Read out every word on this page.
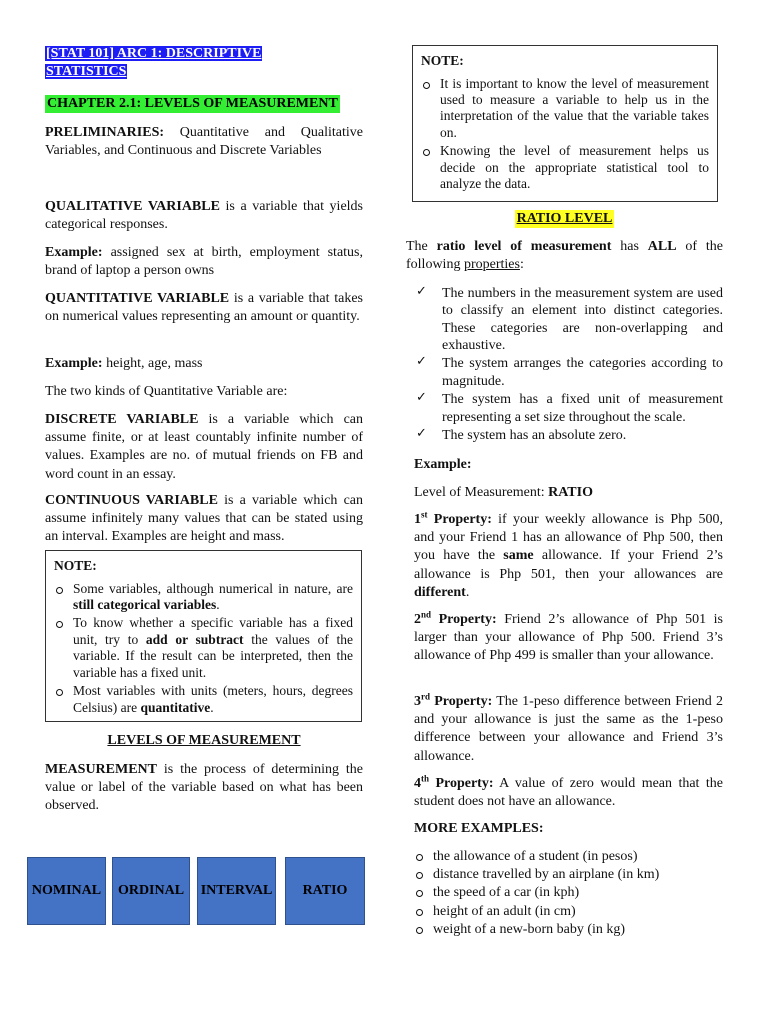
[STAT 101] ARC 1: DESCRIPTIVE
STATISTICS
CHAPTER 2.1: LEVELS OF MEASUREMENT

PRELIMINARIES: Quantitative and Qualitative Variables, and Continuous and Discrete Variables

QUALITATIVE VARIABLE is a variable that yields categorical responses.

Example: assigned sex at birth, employment status, brand of laptop a person owns

QUANTITATIVE VARIABLE is a variable that takes on numerical values representing an amount or quantity.

Example: height, age, mass

The two kinds of Quantitative Variable are:

DISCRETE VARIABLE is a variable which can assume finite, or at least countably infinite number of values. Examples are no. of mutual friends on FB and word count in an essay.

CONTINUOUS VARIABLE is a variable which can assume infinitely many values that can be stated using an interval. Examples are height and mass.

NOTE:
Some variables, although numerical in nature, are still categorical variables.
To know whether a specific variable has a fixed unit, try to add or subtract the values of the variable. If the result can be interpreted, then the variable has a fixed unit.
Most variables with units (meters, hours, degrees Celsius) are quantitative.
LEVELS OF MEASUREMENT

MEASUREMENT is the process of determining the value or label of the variable based on what has been observed.

NOMINAL ORDINAL INTERVAL RATIO
NOTE:
It is important to know the level of measurement used to measure a variable to help us in the interpretation of the value that the variable takes on.
Knowing the level of measurement helps us decide on the appropriate statistical tool to analyze the data.
RATIO LEVEL

The ratio level of measurement has ALL of the following properties:

✓ The numbers in the measurement system are used to classify an element into distinct categories. These categories are non-overlapping and exhaustive.
✓ The system arranges the categories according to magnitude.
✓ The system has a fixed unit of measurement representing a set size throughout the scale.
✓ The system has an absolute zero.

Example:

Level of Measurement: RATIO

1st Property: if your weekly allowance is Php 500, and your Friend 1 has an allowance of Php 500, then you have the same allowance. If your Friend 2’s allowance is Php 501, then your allowances are different.

2nd Property: Friend 2’s allowance of Php 501 is larger than your allowance of Php 500. Friend 3’s allowance of Php 499 is smaller than your allowance.

3rd Property: The 1-peso difference between Friend 2 and your allowance is just the same as the 1-peso difference between your allowance and Friend 3’s allowance.

4th Property: A value of zero would mean that the student does not have an allowance.

MORE EXAMPLES:

the allowance of a student (in pesos)
distance travelled by an airplane (in km)
the speed of a car (in kph)
height of an adult (in cm)
weight of a new-born baby (in kg)
